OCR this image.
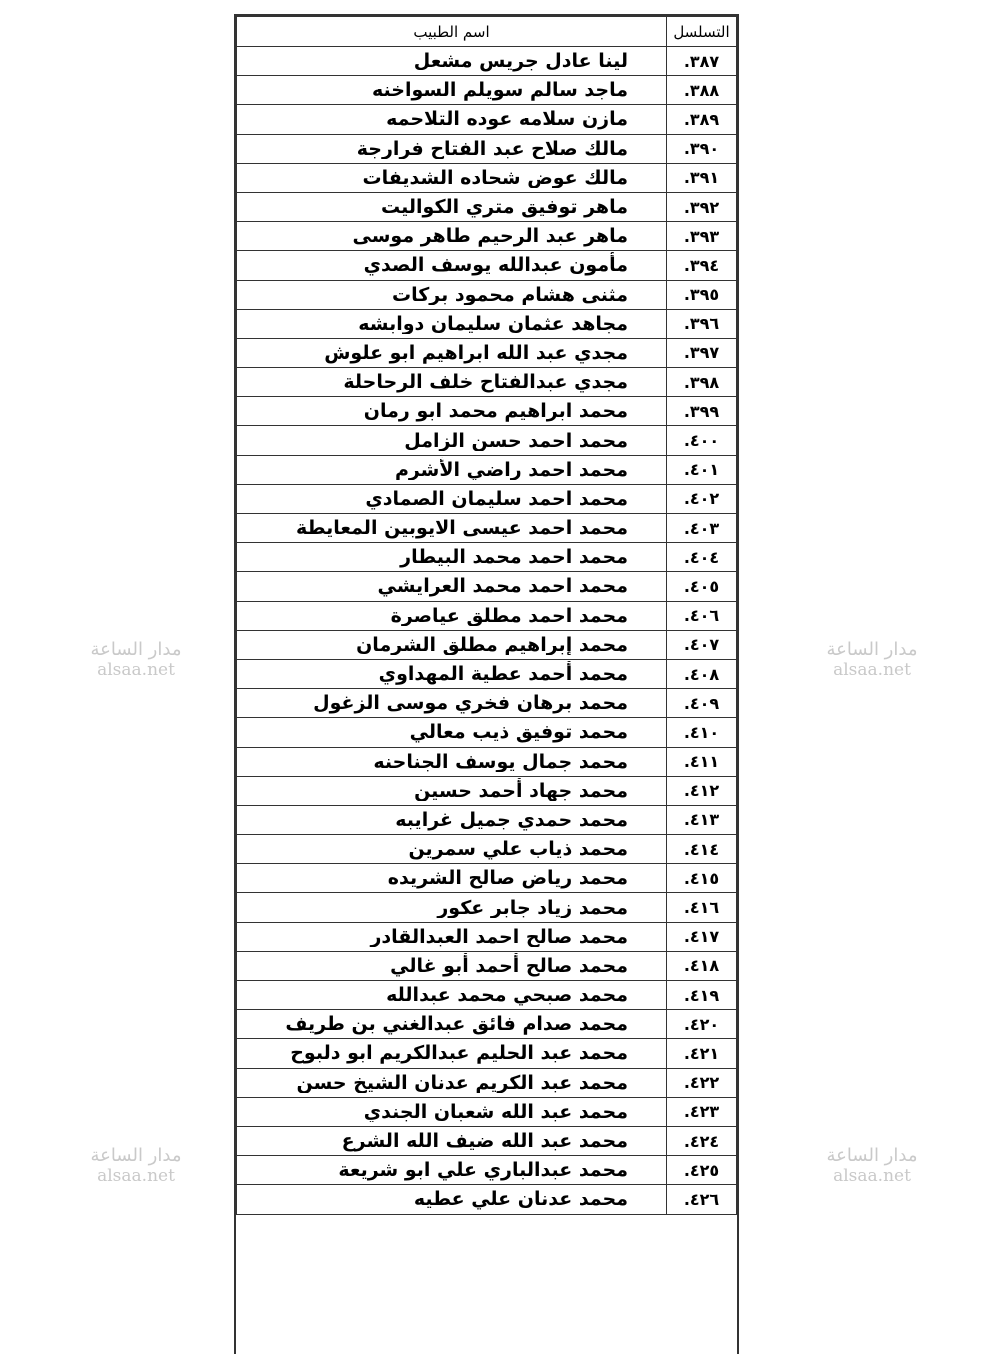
التسلسل	اسم الطبيب
٣٨٧.	لينا عادل جريس مشعل
٣٨٨.	ماجد سالم سويلم السواخنه
٣٨٩.	مازن سلامه عوده التلاحمه
٣٩٠.	مالك صلاح عبد الفتاح فرارجة
٣٩١.	مالك عوض شحاده الشديفات
٣٩٢.	ماهر توفيق متري الكواليت
٣٩٣.	ماهر عبد الرحيم طاهر موسى
٣٩٤.	مأمون عبدالله يوسف الصدي
٣٩٥.	مثنى هشام محمود بركات
٣٩٦.	مجاهد عثمان سليمان دوابشه
٣٩٧.	مجدي عبد الله ابراهيم ابو علوش
٣٩٨.	مجدي عبدالفتاح خلف الرحاحلة
٣٩٩.	محمد ابراهيم محمد ابو رمان
٤٠٠.	محمد احمد حسن الزامل
٤٠١.	محمد احمد راضي الأشرم
٤٠٢.	محمد احمد سليمان الصمادي
٤٠٣.	محمد احمد عيسى الايوبين المعايطة
٤٠٤.	محمد احمد محمد البيطار
٤٠٥.	محمد احمد محمد العرايشي
٤٠٦.	محمد احمد مطلق عياصرة
٤٠٧.	محمد إبراهيم مطلق الشرمان
٤٠٨.	محمد أحمد عطية المهداوي
٤٠٩.	محمد برهان فخري موسى الزغول
٤١٠.	محمد توفيق ذيب معالي
٤١١.	محمد جمال يوسف الجناحنه
٤١٢.	محمد جهاد أحمد حسين
٤١٣.	محمد حمدي جميل غرايبه
٤١٤.	محمد ذياب علي سمرين
٤١٥.	محمد رياض صالح الشريده
٤١٦.	محمد زياد جابر عكور
٤١٧.	محمد صالح احمد العبدالقادر
٤١٨.	محمد صالح أحمد أبو غالي
٤١٩.	محمد صبحي محمد عبدالله
٤٢٠.	محمد صدام فائق عبدالغني بن طريف
٤٢١.	محمد عبد الحليم عبدالكريم ابو دلبوح
٤٢٢.	محمد عبد الكريم عدنان الشيخ حسن
٤٢٣.	محمد عبد الله شعبان الجندي
٤٢٤.	محمد عبد الله ضيف الله الشرع
٤٢٥.	محمد عبدالباري علي ابو شريعة
٤٢٦.	محمد عدنان علي عطيه
مدار الساعة
alsaa.net
مدار الساعة
alsaa.net
مدار الساعة
alsaa.net
مدار الساعة
alsaa.net
